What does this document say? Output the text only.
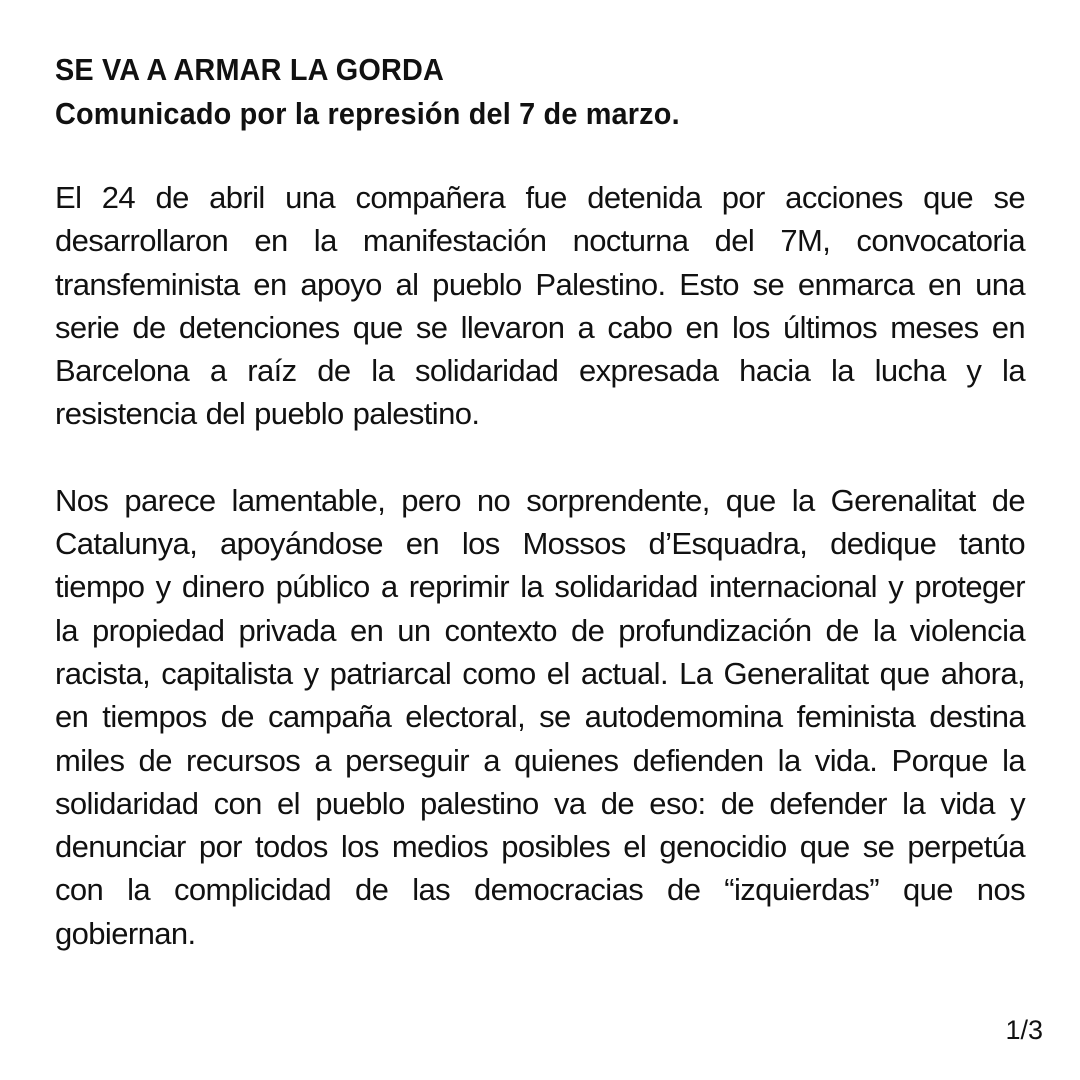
SE VA A ARMAR LA GORDA
Comunicado por la represión del 7 de marzo.

El 24 de abril una compañera fue detenida por acciones que se desarrollaron en la manifestación nocturna del 7M, convocatoria transfeminista en apoyo al pueblo Palestino. Esto se enmarca en una serie de detenciones que se llevaron a cabo en los últimos meses en Barcelona a raíz de la solidaridad expresada hacia la lucha y la resistencia del pueblo palestino.

Nos parece lamentable, pero no sorprendente, que la Gerenalitat de Catalunya, apoyándose en los Mossos d’Esquadra, dedique tanto tiempo y dinero público a reprimir la solidaridad internacional y proteger la propiedad privada en un contexto de profundización de la violencia racista, capitalista y patriarcal como el actual. La Generalitat que ahora, en tiempos de campaña electoral, se autodemomina feminista destina miles de recursos a perseguir a quienes defienden la vida. Porque la solidaridad con el pueblo palestino va de eso: de defender la vida y denunciar por todos los medios posibles el genocidio que se perpetúa con la complicidad de las democracias de “izquierdas” que nos gobiernan.

1/3
